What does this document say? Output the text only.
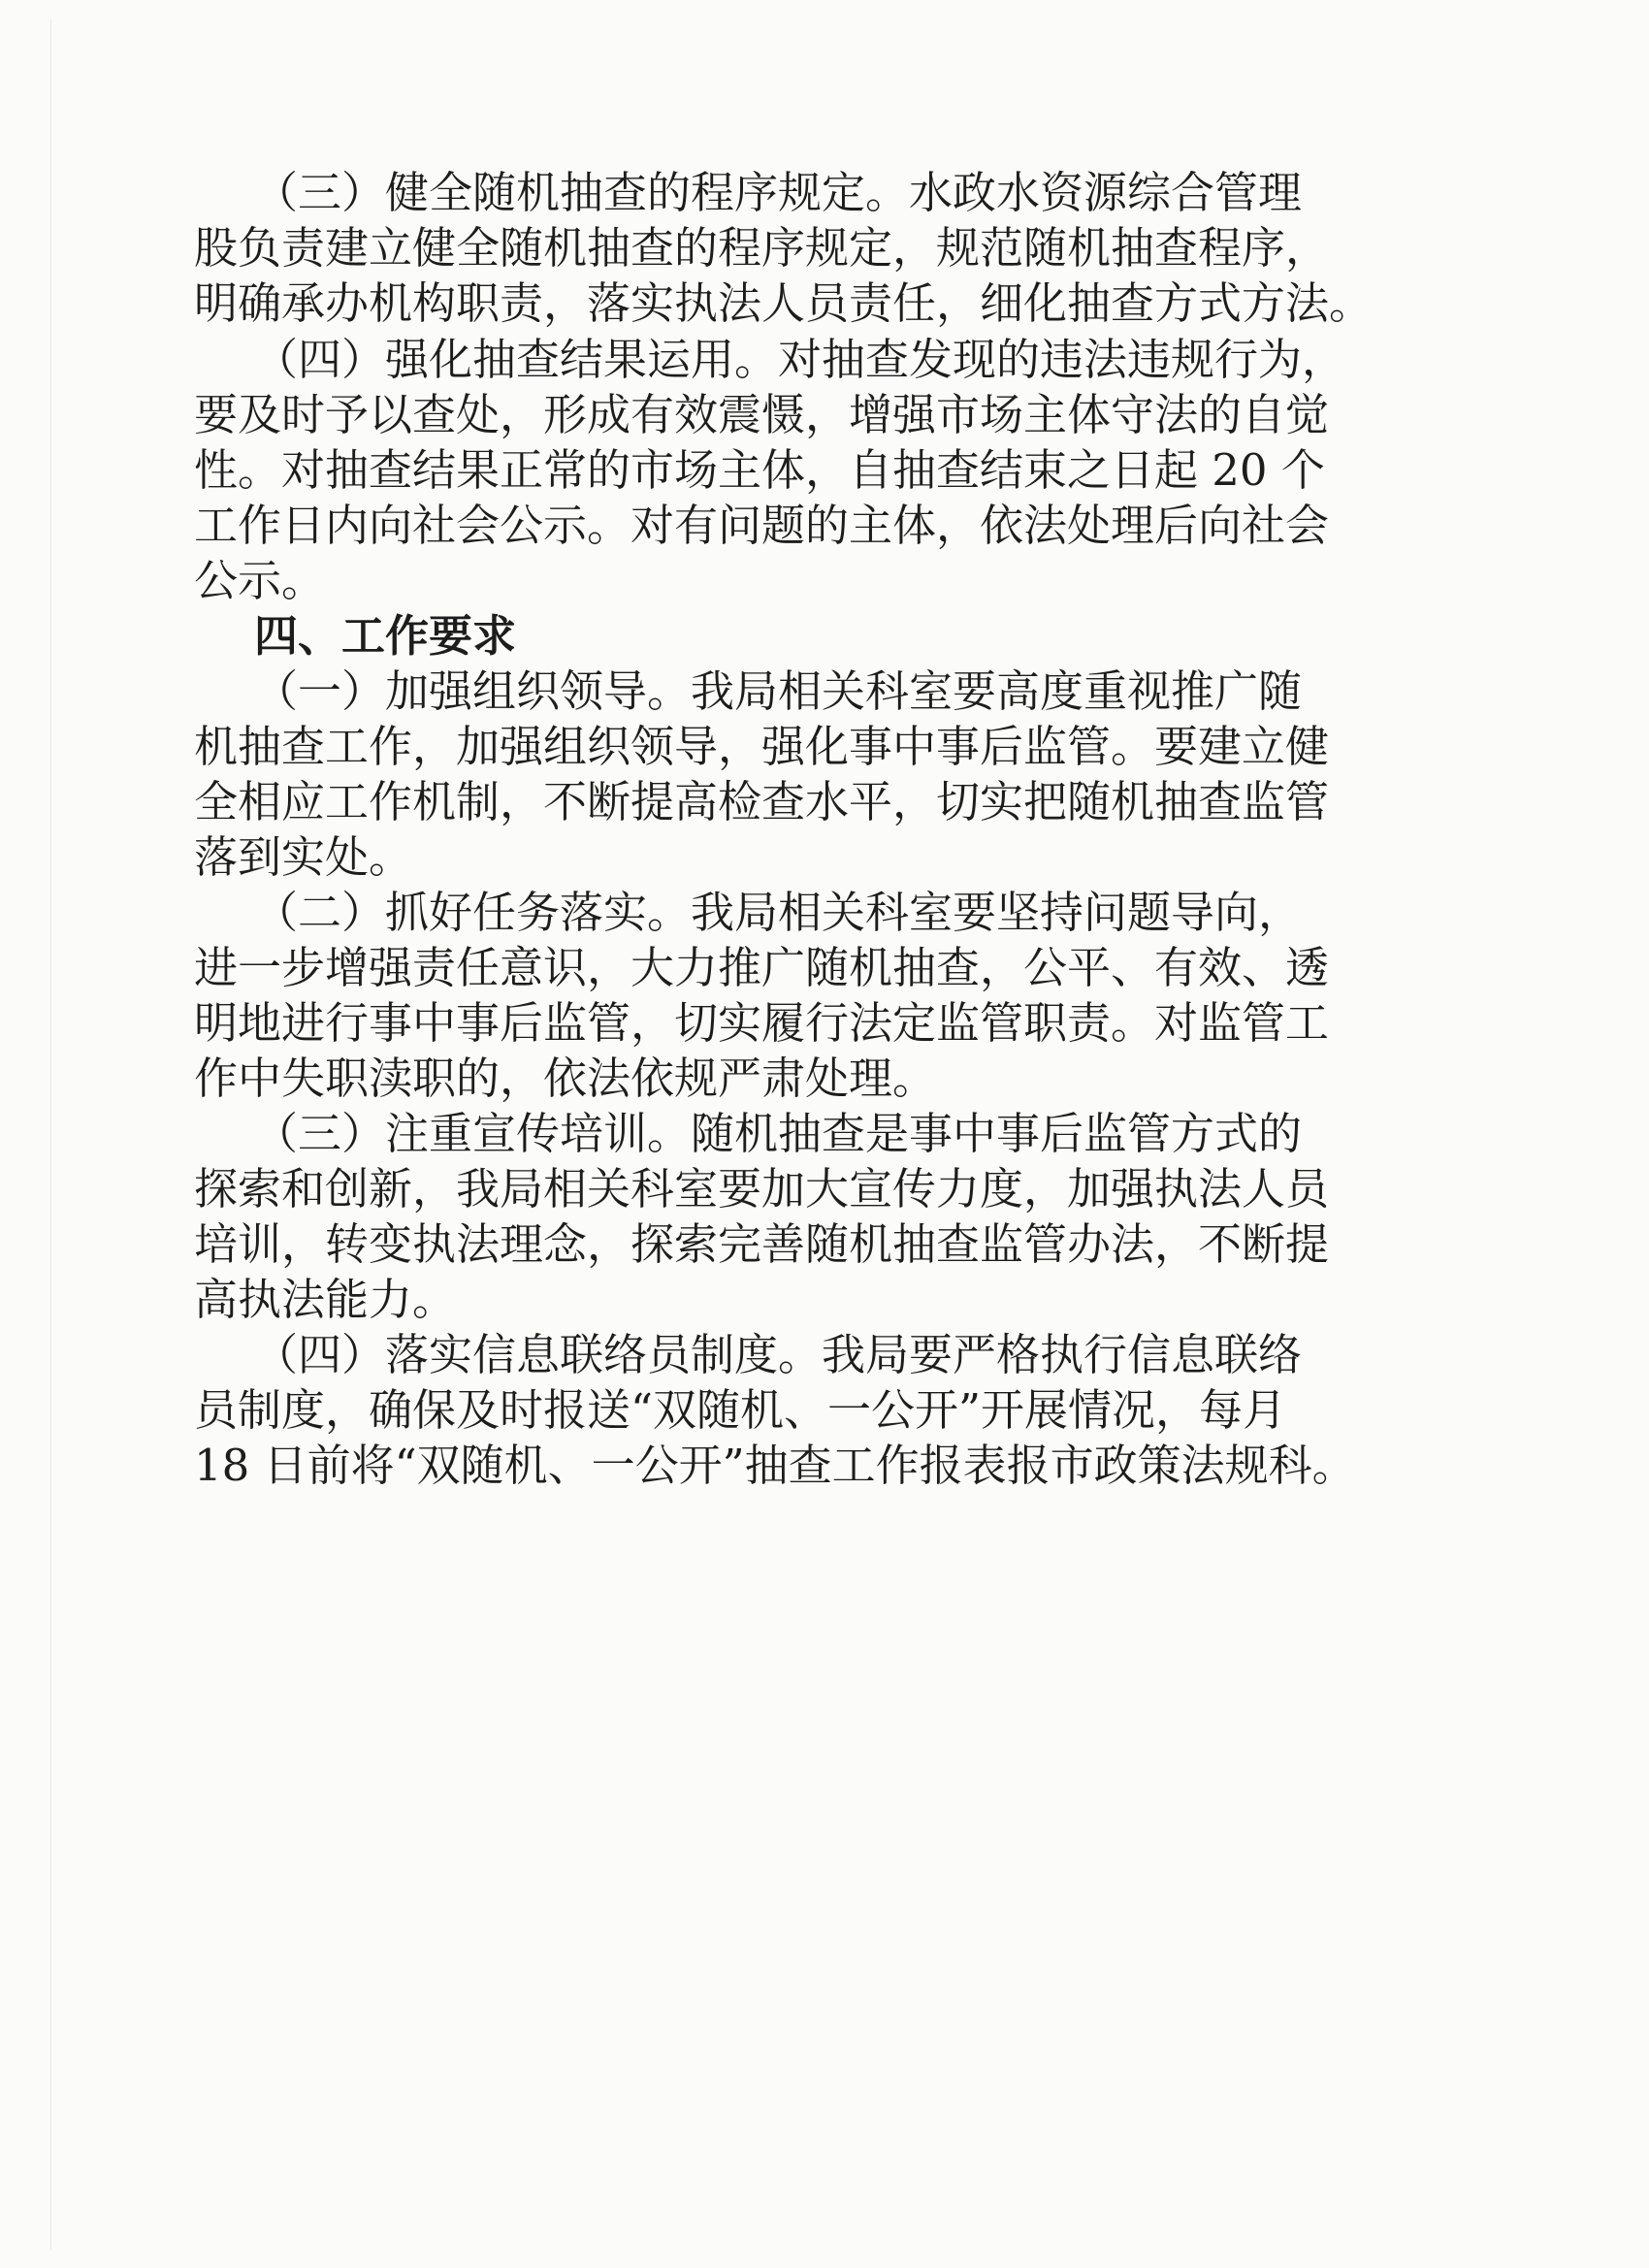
（三）健全随机抽查的程序规定。水政水资源综合管理
股负责建立健全随机抽查的程序规定，规范随机抽查程序，
明确承办机构职责，落实执法人员责任，细化抽查方式方法。
（四）强化抽查结果运用。对抽查发现的违法违规行为，
要及时予以查处，形成有效震慑，增强市场主体守法的自觉
性。对抽查结果正常的市场主体，自抽查结束之日起 20 个
工作日内向社会公示。对有问题的主体，依法处理后向社会
公示。
四、工作要求
（一）加强组织领导。我局相关科室要高度重视推广随
机抽查工作，加强组织领导，强化事中事后监管。要建立健
全相应工作机制，不断提高检查水平，切实把随机抽查监管
落到实处。
（二）抓好任务落实。我局相关科室要坚持问题导向，
进一步增强责任意识，大力推广随机抽查，公平、有效、透
明地进行事中事后监管，切实履行法定监管职责。对监管工
作中失职渎职的，依法依规严肃处理。
（三）注重宣传培训。随机抽查是事中事后监管方式的
探索和创新，我局相关科室要加大宣传力度，加强执法人员
培训，转变执法理念，探索完善随机抽查监管办法，不断提
高执法能力。
（四）落实信息联络员制度。我局要严格执行信息联络
员制度，确保及时报送“双随机、一公开”开展情况，每月
18 日前将“双随机、一公开”抽查工作报表报市政策法规科。
